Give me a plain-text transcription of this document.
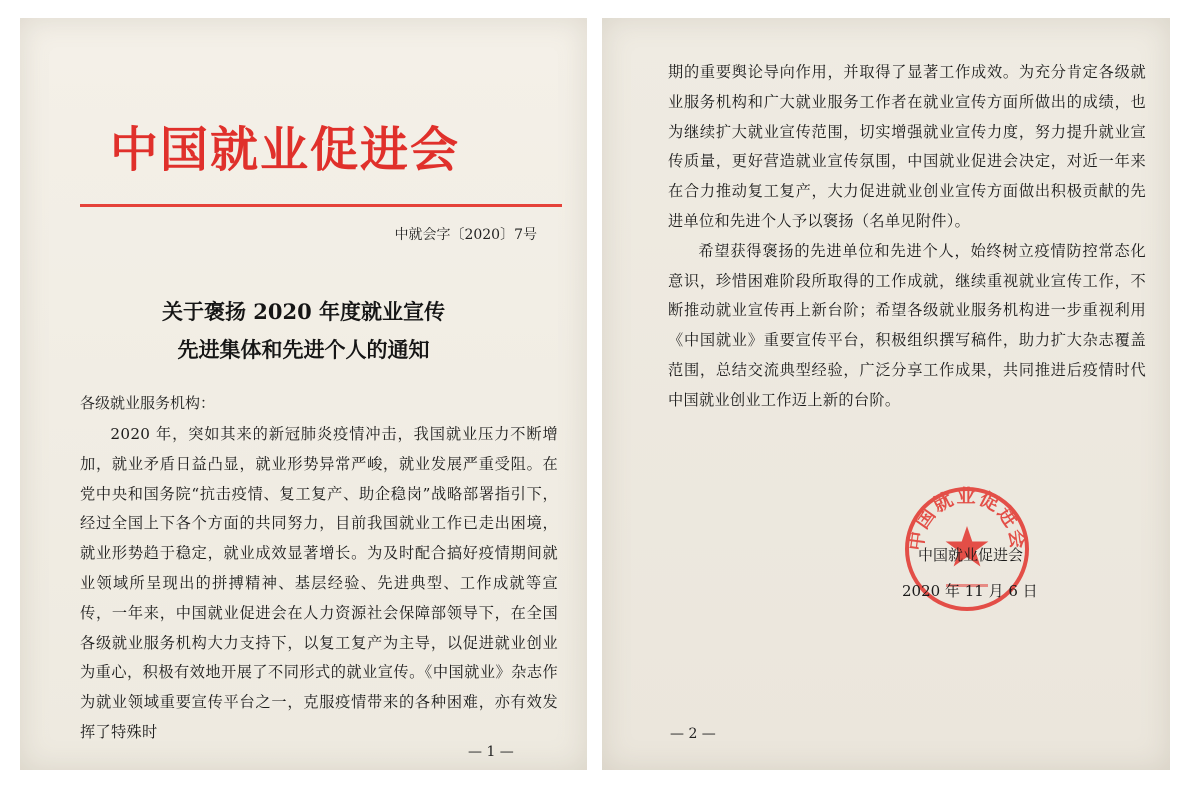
中国就业促进会
中就会字〔2020〕7号
关于褒扬 2020 年度就业宣传
先进集体和先进个人的通知
各级就业服务机构：

2020 年，突如其来的新冠肺炎疫情冲击，我国就业压力不断增加，就业矛盾日益凸显，就业形势异常严峻，就业发展严重受阻。在党中央和国务院“抗击疫情、复工复产、助企稳岗”战略部署指引下，经过全国上下各个方面的共同努力，目前我国就业工作已走出困境，就业形势趋于稳定，就业成效显著增长。为及时配合搞好疫情期间就业领域所呈现出的拼搏精神、基层经验、先进典型、工作成就等宣传，一年来，中国就业促进会在人力资源社会保障部领导下，在全国各级就业服务机构大力支持下，以复工复产为主导，以促进就业创业为重心，积极有效地开展了不同形式的就业宣传。《中国就业》杂志作为就业领域重要宣传平台之一，克服疫情带来的各种困难，亦有效发挥了特殊时

— 1 —

期的重要舆论导向作用，并取得了显著工作成效。为充分肯定各级就业服务机构和广大就业服务工作者在就业宣传方面所做出的成绩，也为继续扩大就业宣传范围，切实增强就业宣传力度，努力提升就业宣传质量，更好营造就业宣传氛围，中国就业促进会决定，对近一年来在合力推动复工复产，大力促进就业创业宣传方面做出积极贡献的先进单位和先进个人予以褒扬（名单见附件）。

希望获得褒扬的先进单位和先进个人，始终树立疫情防控常态化意识，珍惜困难阶段所取得的工作成就，继续重视就业宣传工作，不断推动就业宣传再上新台阶；希望各级就业服务机构进一步重视利用《中国就业》重要宣传平台，积极组织撰写稿件，助力扩大杂志覆盖范围，总结交流典型经验，广泛分享工作成果，共同推进后疫情时代中国就业创业工作迈上新的台阶。

中国就业促进会
中国就业促进会
2020 年 11 月 6 日
— 2 —
